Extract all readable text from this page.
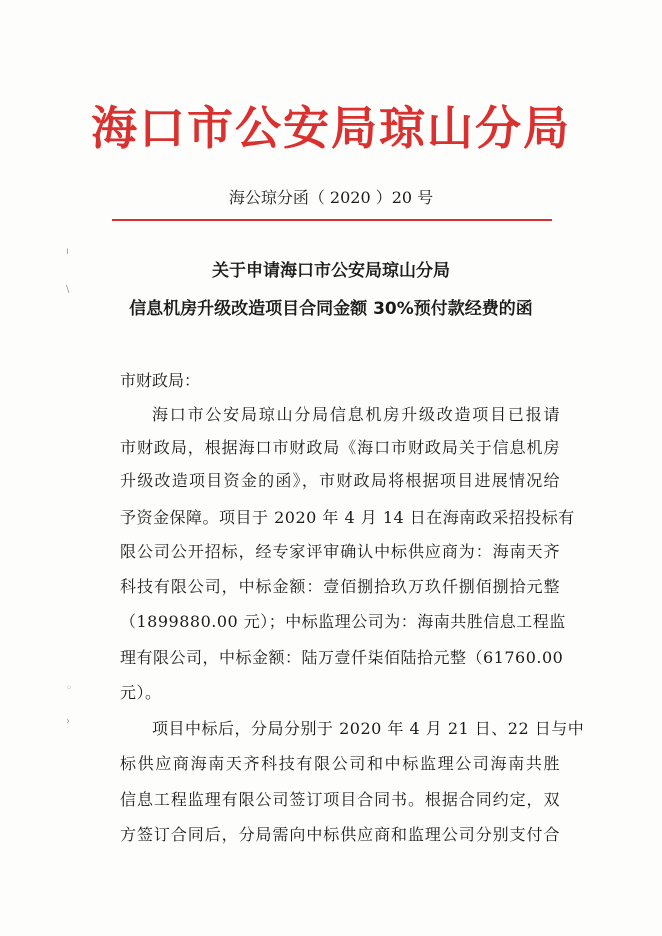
海口市公安局琼山分局
海公琼分函（ 2020 ）20 号
关于申请海口市公安局琼山分局
信息机房升级改造项目合同金额 30%预付款经费的函
市财政局：
海口市公安局琼山分局信息机房升级改造项目已报请
市财政局，根据海口市财政局《海口市财政局关于信息机房
升级改造项目资金的函》，市财政局将根据项目进展情况给
予资金保障。项目于 2020 年 4 月 14 日在海南政采招投标有
限公司公开招标，经专家评审确认中标供应商为：海南天齐
科技有限公司，中标金额：壹佰捌拾玖万玖仟捌佰捌拾元整
（1899880.00 元）；中标监理公司为：海南共胜信息工程监
理有限公司，中标金额：陆万壹仟柒佰陆拾元整（61760.00
元）。
项目中标后，分局分别于 2020 年 4 月 21 日、22 日与中
标供应商海南天齐科技有限公司和中标监理公司海南共胜
信息工程监理有限公司签订项目合同书。根据合同约定，双
方签订合同后，分局需向中标供应商和监理公司分别支付合
ı
\
◦
›
